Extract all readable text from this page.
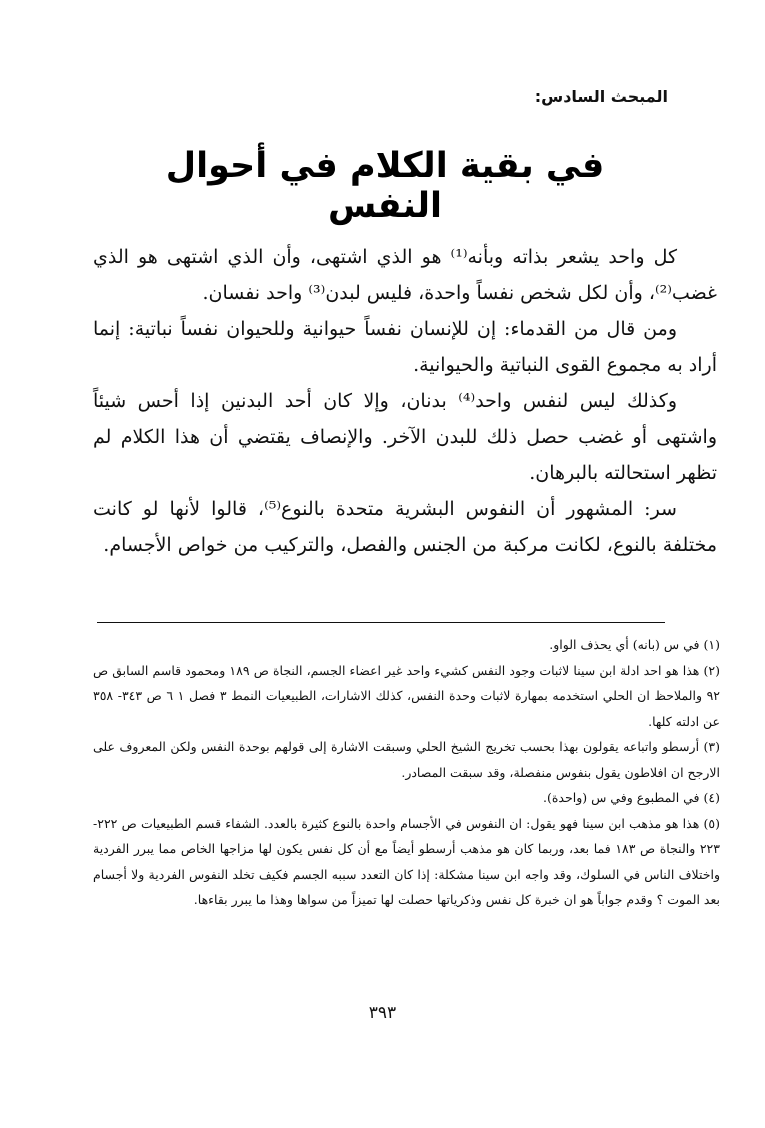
المبحث السادس:
في بقية الكلام في أحوال النفس

كل واحد يشعر بذاته وبأنه⁽¹⁾ هو الذي اشتهى، وأن الذي اشتهى هو الذي غضب⁽²⁾، وأن لكل شخص نفساً واحدة، فليس لبدن⁽³⁾ واحد نفسان.

ومن قال من القدماء: إن للإنسان نفساً حيوانية وللحيوان نفساً نباتية: إنما أراد به مجموع القوى النباتية والحيوانية.

وكذلك ليس لنفس واحد⁽⁴⁾ بدنان، وإلا كان أحد البدنين إذا أحس شيئاً واشتهى أو غضب حصل ذلك للبدن الآخر. والإنصاف يقتضي أن هذا الكلام لم تظهر استحالته بالبرهان.

سر: المشهور أن النفوس البشرية متحدة بالنوع⁽⁵⁾، قالوا لأنها لو كانت مختلفة بالنوع، لكانت مركبة من الجنس والفصل، والتركيب من خواص الأجسام.

(١) في س (بانه) أي يحذف الواو.

(٢) هذا هو احد ادلة ابن سينا لاثبات وجود النفس كشيء واحد غير اعضاء الجسم، النجاة ص ١٨٩ ومحمود قاسم السابق ص ٩٢ والملاحظ ان الحلي استخدمه بمهارة لاثبات وحدة النفس، كذلك الاشارات، الطبيعيات النمط ٣ فصل ١ ٦ ص ٣٤٣- ٣٥٨ عن ادلته كلها.

(٣) أرسطو واتباعه يقولون بهذا بحسب تخريج الشيخ الحلي وسبقت الاشارة إلى قولهم بوحدة النفس ولكن المعروف على الارجح ان افلاطون يقول بنفوس منفصلة، وقد سبقت المصادر.

(٤) في المطبوع وفي س (واحدة).

(٥) هذا هو مذهب ابن سينا فهو يقول: ان النفوس في الأجسام واحدة بالنوع كثيرة بالعدد. الشفاء قسم الطبيعيات ص ٢٢٢- ٢٢٣ والنجاة ص ١٨٣ فما بعد، وربما كان هو مذهب أرسطو أيضاً مع أن كل نفس يكون لها مزاجها الخاص مما يبرر الفردية واختلاف الناس في السلوك، وقد واجه ابن سينا مشكلة: إذا كان التعدد سببه الجسم فكيف تخلد النفوس الفردية ولا أجسام بعد الموت ؟ وقدم جواباً هو ان خبرة كل نفس وذكرياتها حصلت لها تميزاً من سواها وهذا ما يبرر بقاءها.

٣٩٣
